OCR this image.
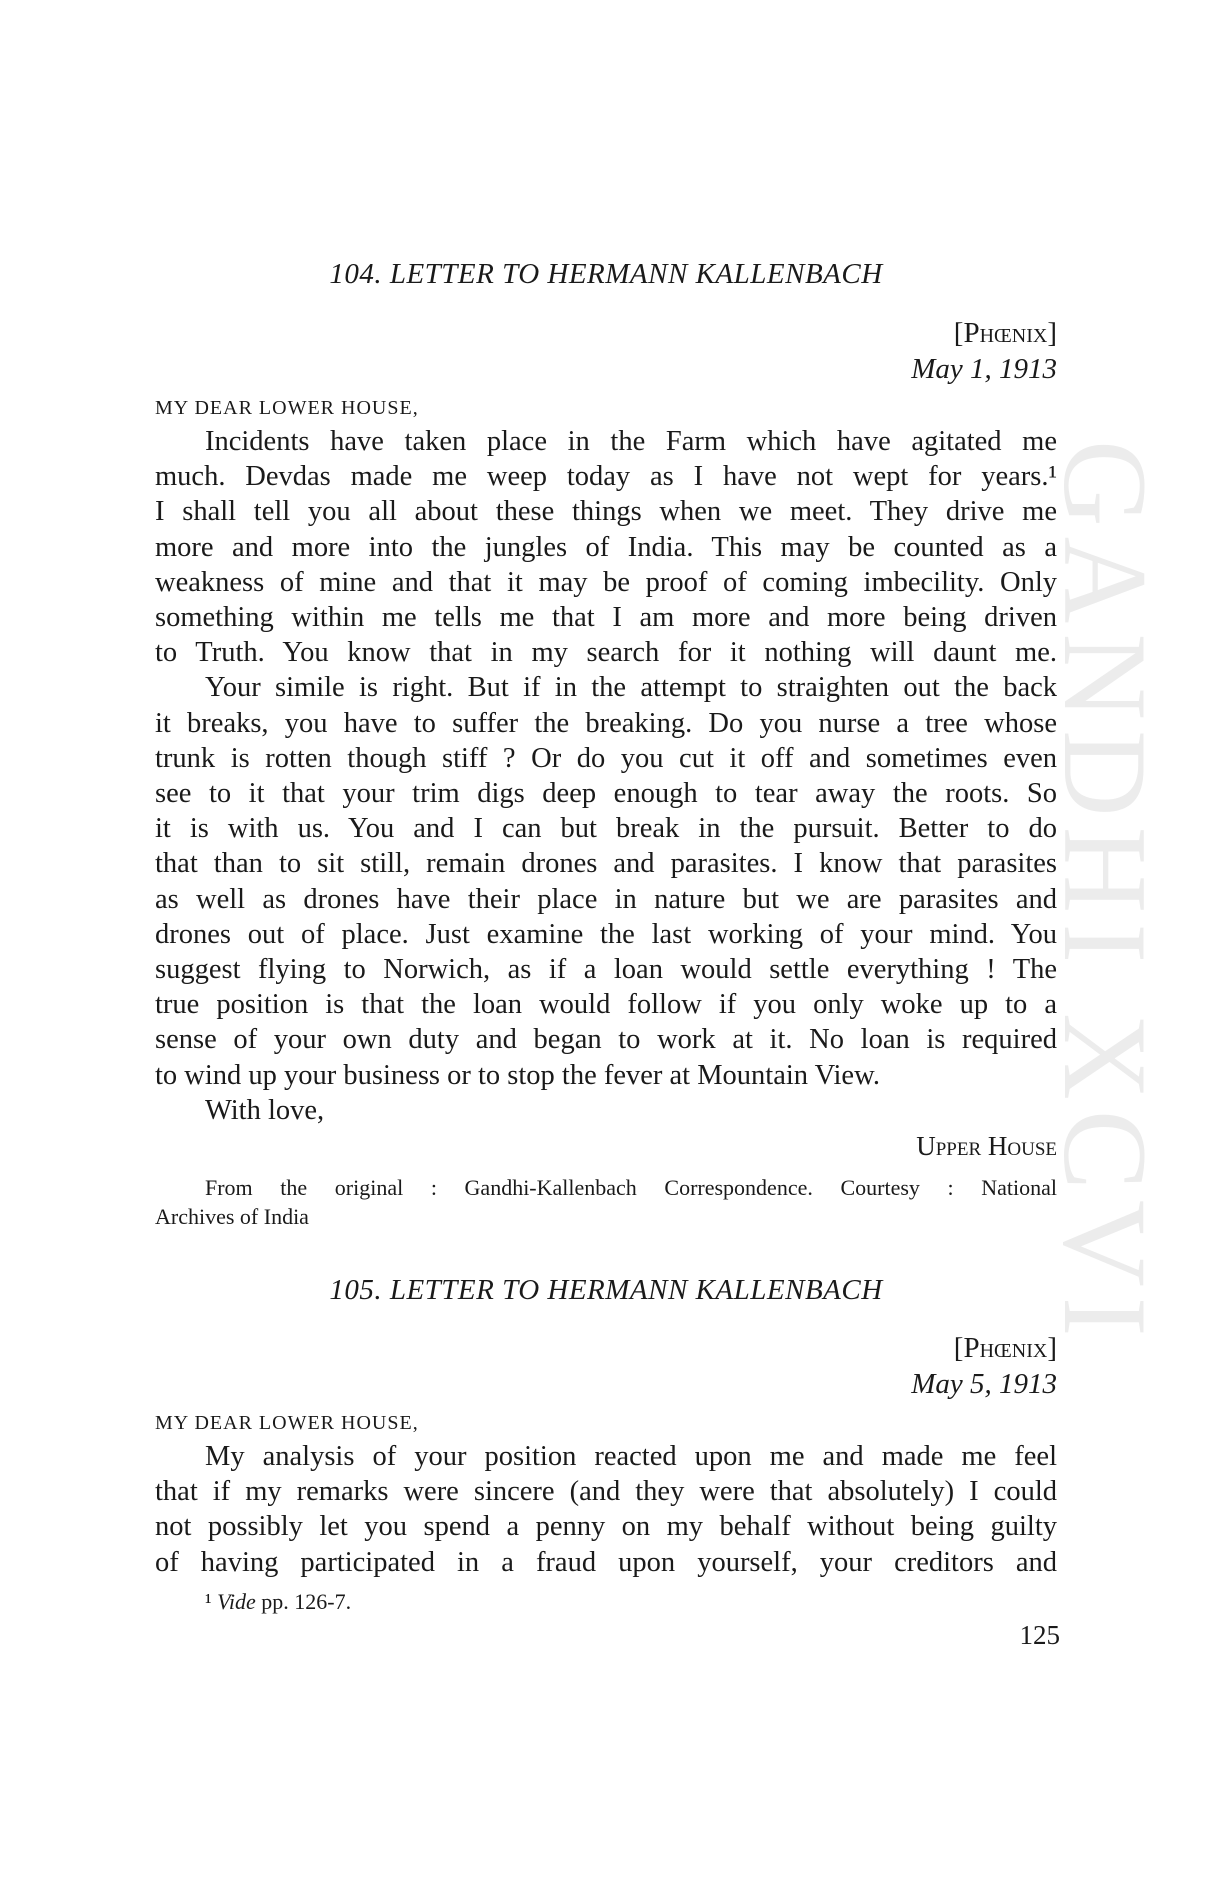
GANDHI XCVI
104. LETTER TO HERMANN KALLENBACH
[Phœnix]
May 1, 1913
MY DEAR LOWER HOUSE,

Incidents have taken place in the Farm which have agitated me

much. Devdas made me weep today as I have not wept for years.¹

I shall tell you all about these things when we meet. They drive me

more and more into the jungles of India. This may be counted as a

weakness of mine and that it may be proof of coming imbecility. Only

something within me tells me that I am more and more being driven

to Truth. You know that in my search for it nothing will daunt me.

Your simile is right. But if in the attempt to straighten out the back

it breaks, you have to suffer the breaking. Do you nurse a tree whose

trunk is rotten though stiff ? Or do you cut it off and sometimes even

see to it that your trim digs deep enough to tear away the roots. So

it is with us. You and I can but break in the pursuit. Better to do

that than to sit still, remain drones and parasites. I know that parasites

as well as drones have their place in nature but we are parasites and

drones out of place. Just examine the last working of your mind. You

suggest flying to Norwich, as if a loan would settle everything ! The

true position is that the loan would follow if you only woke up to a

sense of your own duty and began to work at it. No loan is required

to wind up your business or to stop the fever at Mountain View.

With love,

Upper House

From the original : Gandhi-Kallenbach Correspondence. Courtesy : National

Archives of India

105. LETTER TO HERMANN KALLENBACH
[Phœnix]
May 5, 1913
MY DEAR LOWER HOUSE,

My analysis of your position reacted upon me and made me feel

that if my remarks were sincere (and they were that absolutely) I could

not possibly let you spend a penny on my behalf without being guilty

of having participated in a fraud upon yourself, your creditors and

¹ Vide pp. 126-7.
125
